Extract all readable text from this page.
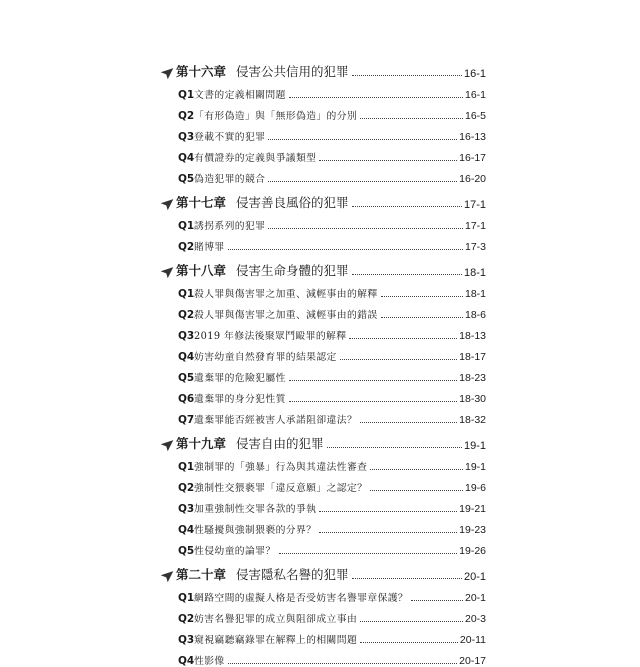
第十六章 侵害公共信用的犯罪	16-1
Q1 文書的定義相關問題	16-1
Q2 「有形偽造」與「無形偽造」的分別	16-5
Q3 登載不實的犯罪	16-13
Q4 有價證券的定義與爭議類型	16-17
Q5 偽造犯罪的競合	16-20
第十七章 侵害善良風俗的犯罪	17-1
Q1 誘拐系列的犯罪	17-1
Q2 賭博罪	17-3
第十八章 侵害生命身體的犯罪	18-1
Q1 殺人罪與傷害罪之加重、減輕事由的解釋	18-1
Q2 殺人罪與傷害罪之加重、減輕事由的錯誤	18-6
Q3 2019 年修法後聚眾鬥毆罪的解釋	18-13
Q4 妨害幼童自然發育罪的結果認定	18-17
Q5 遺棄罪的危險犯屬性	18-23
Q6 遺棄罪的身分犯性質	18-30
Q7 遺棄罪能否經被害人承諾阻卻違法？	18-32
第十九章 侵害自由的犯罪	19-1
Q1 強制罪的「強暴」行為與其違法性審查	19-1
Q2 強制性交猥褻罪「違反意願」之認定？	19-6
Q3 加重強制性交罪各款的爭執	19-21
Q4 性騷擾與強制猥褻的分界？	19-23
Q5 性侵幼童的論罪？	19-26
第二十章 侵害隱私名譽的犯罪	20-1
Q1 網路空間的虛擬人格是否受妨害名譽罪章保護？	20-1
Q2 妨害名譽犯罪的成立與阻卻成立事由	20-3
Q3 窺視竊聽竊錄罪在解釋上的相關問題	20-11
Q4 性影像	20-17
